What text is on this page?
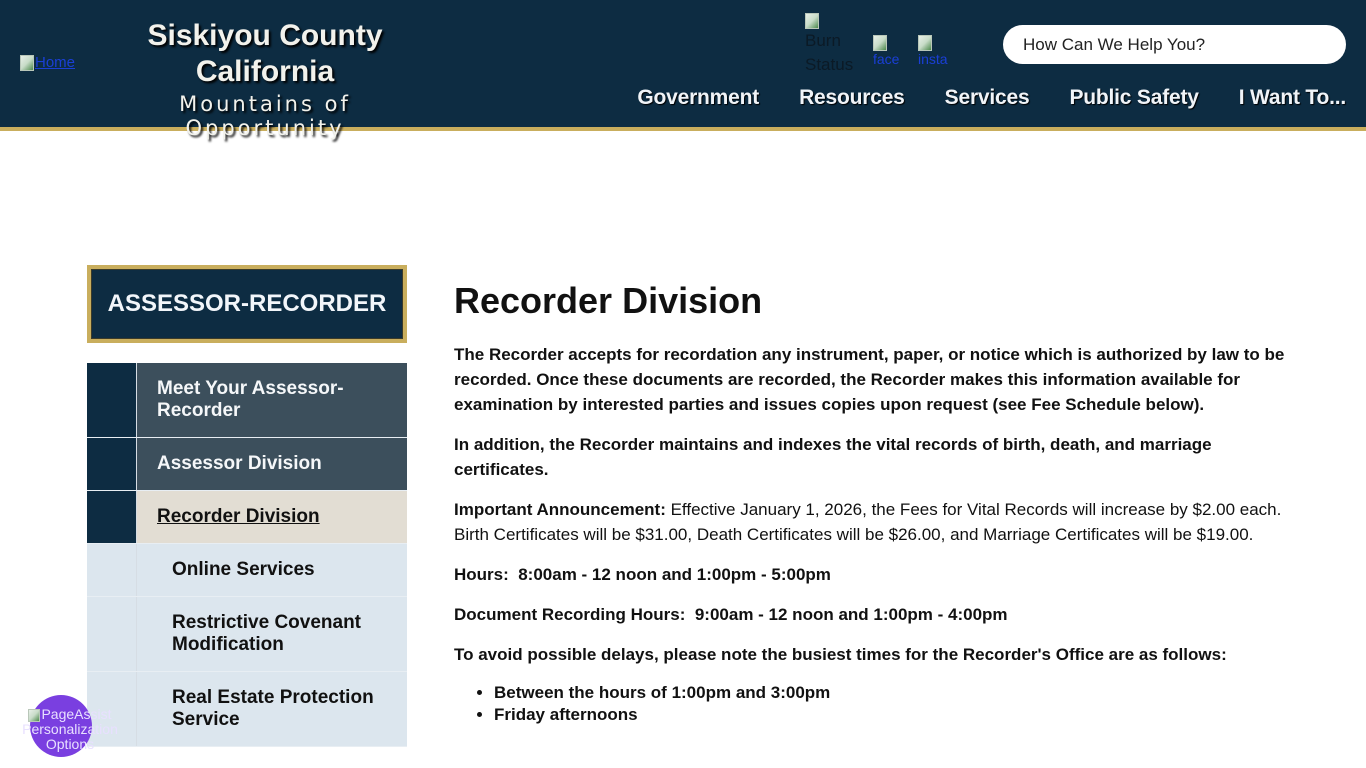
Home
Siskiyou County
California
Mountains of Opportunity
Burn Status	face insta
How Can We Help You?
Government Resources Services Public Safety I Want To...
ASSESSOR-RECORDER
Meet Your Assessor-Recorder
Assessor Division
Recorder Division
Online Services
Restrictive Covenant Modification
Real Estate Protection Service
Recorder Division

The Recorder accepts for recordation any instrument, paper, or notice which is authorized by law to be recorded. Once these documents are recorded, the Recorder makes this information available for examination by interested parties and issues copies upon request (see Fee Schedule below).

In addition, the Recorder maintains and indexes the vital records of birth, death, and marriage certificates.

Important Announcement: Effective January 1, 2026, the Fees for Vital Records will increase by $2.00 each. Birth Certificates will be $31.00, Death Certificates will be $26.00, and Marriage Certificates will be $19.00.

Hours:  8:00am - 12 noon and 1:00pm - 5:00pm

Document Recording Hours:  9:00am - 12 noon and 1:00pm - 4:00pm

To avoid possible delays, please note the busiest times for the Recorder's Office are as follows:

• Between the hours of 1:00pm and 3:00pm
• Friday afternoons
PageAssist
Personalization
Options
